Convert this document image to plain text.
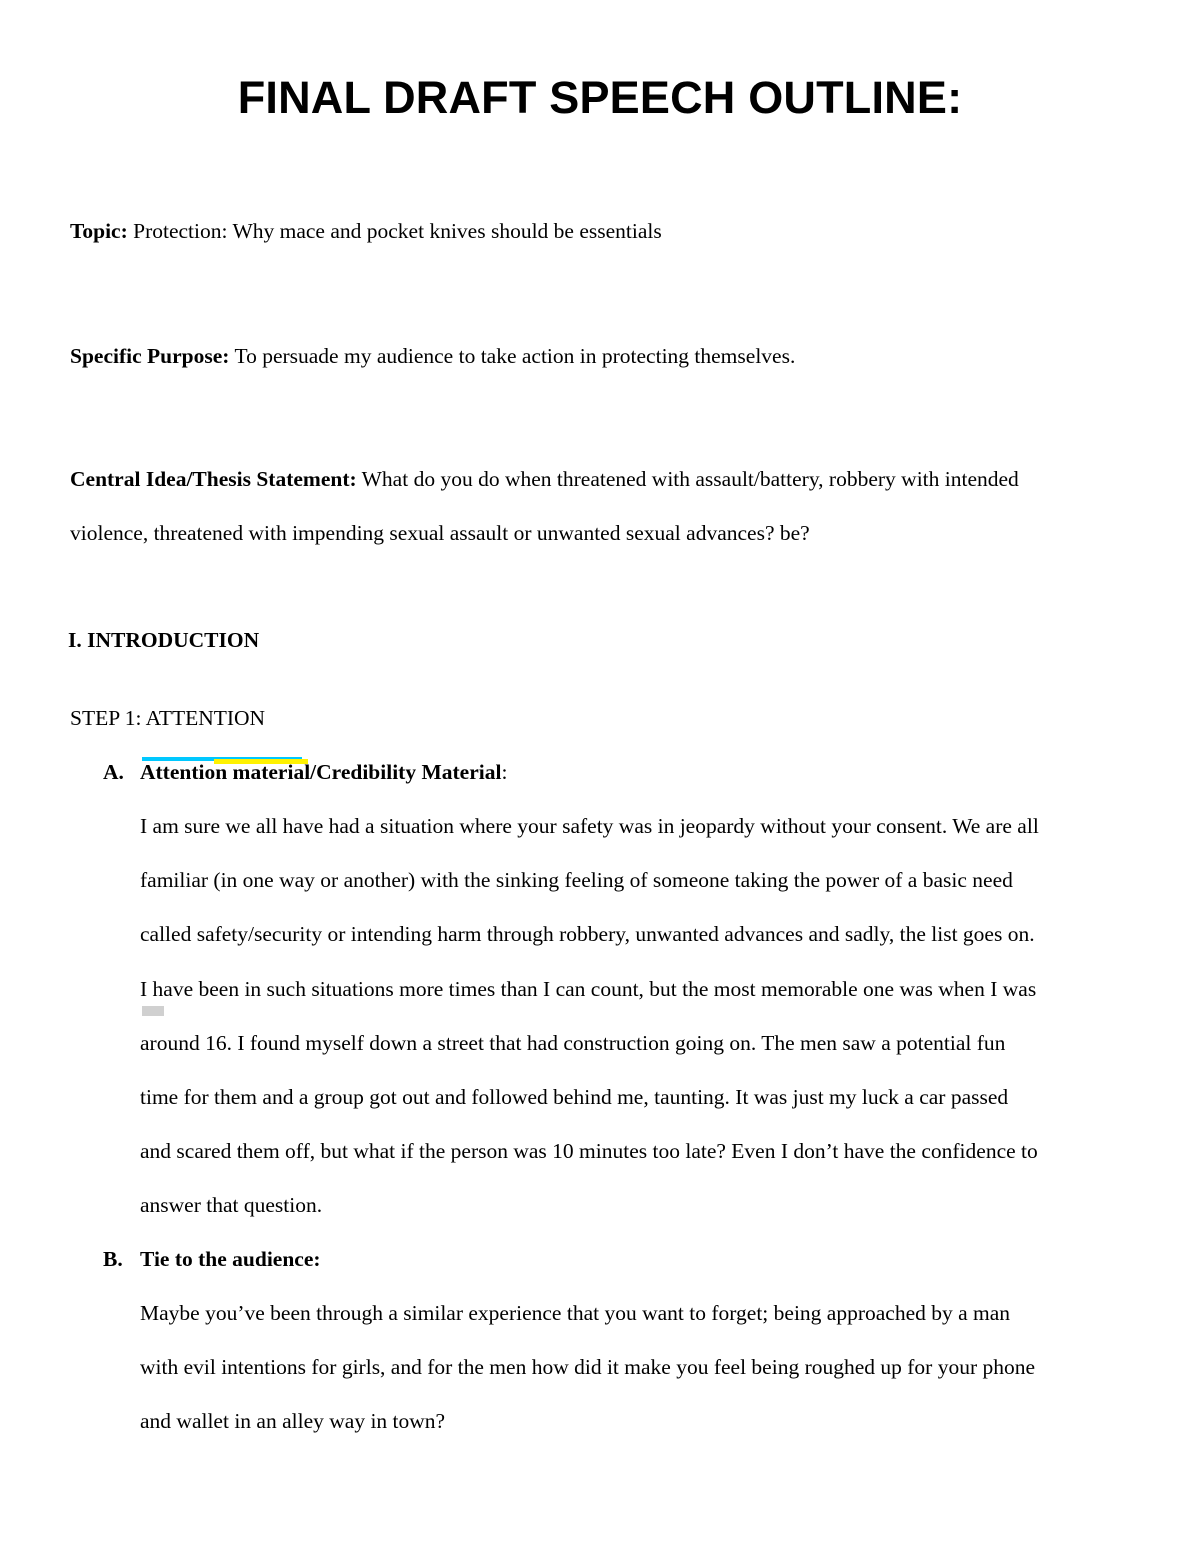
FINAL DRAFT SPEECH OUTLINE:

Topic: Protection: Why mace and pocket knives should be essentials

Specific Purpose: To persuade my audience to take action in protecting themselves.

Central Idea/Thesis Statement: What do you do when threatened with assault/battery, robbery with intended
violence, threatened with impending sexual assault or unwanted sexual advances? be?

I. INTRODUCTION

STEP 1: ATTENTION

A. Attention material/Credibility Material:

I am sure we all have had a situation where your safety was in jeopardy without your consent. We are all
familiar (in one way or another) with the sinking feeling of someone taking the power of a basic need
called safety/security or intending harm through robbery, unwanted advances and sadly, the list goes on.
I have been in such situations more times than I can count, but the most memorable one was when I was
around 16. I found myself down a street that had construction going on. The men saw a potential fun
time for them and a group got out and followed behind me, taunting. It was just my luck a car passed
and scared them off, but what if the person was 10 minutes too late? Even I don’t have the confidence to
answer that question.
B. Tie to the audience:

Maybe you’ve been through a similar experience that you want to forget; being approached by a man
with evil intentions for girls, and for the men how did it make you feel being roughed up for your phone
and wallet in an alley way in town?
